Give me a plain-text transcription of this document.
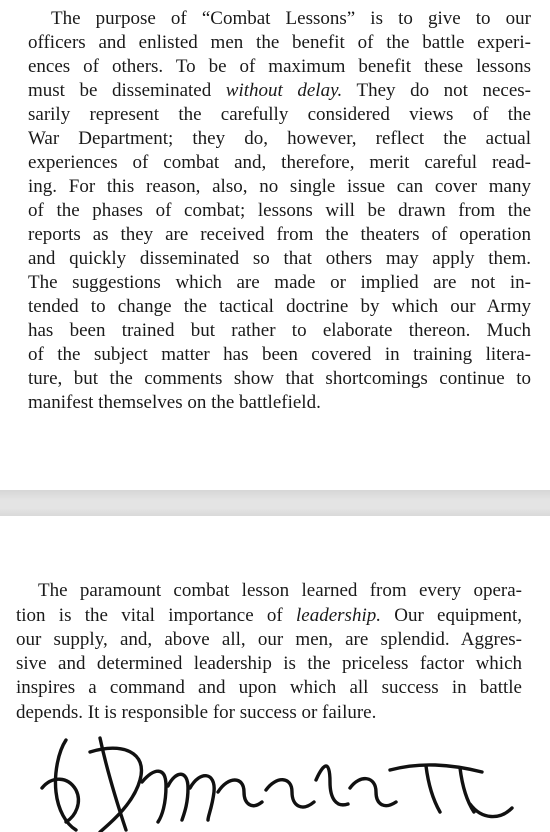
The purpose of “Combat Lessons” is to give to our
officers and enlisted men the benefit of the battle experi-
ences of others. To be of maximum benefit these lessons
must be disseminated without delay. They do not neces-
sarily represent the carefully considered views of the
War Department; they do, however, reflect the actual
experiences of combat and, therefore, merit careful read-
ing. For this reason, also, no single issue can cover many
of the phases of combat; lessons will be drawn from the
reports as they are received from the theaters of operation
and quickly disseminated so that others may apply them.
The suggestions which are made or implied are not in-
tended to change the tactical doctrine by which our Army
has been trained but rather to elaborate thereon. Much
of the subject matter has been covered in training litera-
ture, but the comments show that shortcomings continue to
manifest themselves on the battlefield.
The paramount combat lesson learned from every opera-
tion is the vital importance of leadership. Our equipment,
our supply, and, above all, our men, are splendid. Aggres-
sive and determined leadership is the priceless factor which
inspires a command and upon which all success in battle
depends. It is responsible for success or failure.
